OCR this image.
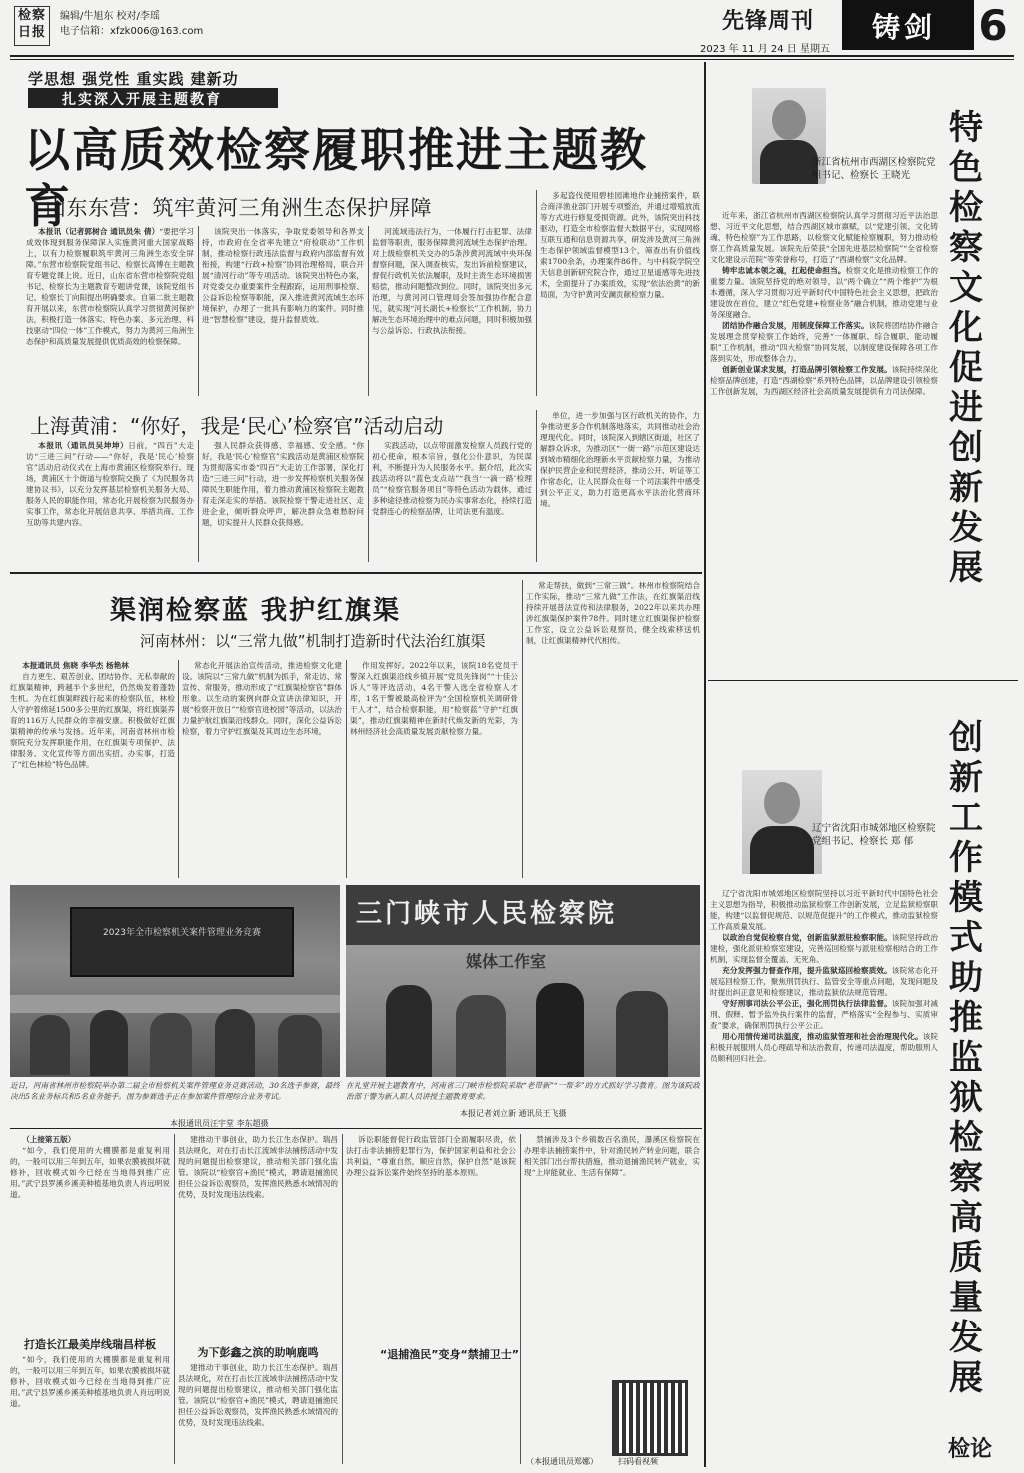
检察日报
编辑/牛旭东 校对/李瑶
电子信箱：xfzk006@163.com	先锋周刊 铸剑 6
2023 年 11 月 24 日 星期五
学思想 强党性 重实践 建新功
扎实深入开展主题教育
以高质效检察履职推进主题教育
山东东营：筑牢黄河三角洲生态保护屏障

本报讯（记者郭树合 通讯员朱 倩）“要把学习成效体现到服务保障深入实施黄河重大国家战略上，以有力检察履职筑牢黄河三角洲生态安全屏障。”东营市检察院党组书记、检察长高博在主题教育专题党课上说。近日，山东省东营市检察院党组书记、检察长为主题教育专题讲党课，该院党组书记、检察长丁向阳提出明确要求。自第二批主题教育开展以来，东营市检察院认真学习贯彻黄河保护法，积极打造一体落实、特色办案、多元治理、科技驱动“四位一体”工作模式，努力为黄河三角洲生态保护和高质量发展提供优质高效的检察保障。

该院突出一体落实，争取党委领导和各界支持，市政府在全省率先建立“府检联动”工作机制，推动检察行政违法监督与政府内部监督有效衔接，构建“行政+检察”协同治理格局，联合开展“清河行动”等专项活动。该院突出特色办案，对党委交办重要案件全程跟踪，运用刑事检察、公益诉讼检察等职能，深入推进黄河流域生态环境保护，办理了一批具有影响力的案件。同时推进“智慧检察”建设，提升监督质效。

河流域违法行为，一体履行打击犯罪、法律监督等职责，服务保障黄河流域生态保护治理。对上级检察机关交办的5条涉黄河流域中央环保督察问题，深入调查核实，发出诉前检察建议，督促行政机关依法履职，及时主责生态环境损害赔偿，推动问题整改到位。同时，该院突出多元治理，与黄河河口管理局会签加强协作配合意见，就实现“河长湖长+检察长”工作机制，协力解决生态环境治理中的难点问题，同时积极加强与公益诉讼、行政执法衔接。

多起盗伐使用碧桂园滩地作业捕捞案件，联合商洋渔业部门开展专项整治，并通过增殖放流等方式进行修复受损资源。此外，该院突出科技驱动，打造全市检察监督大数据平台，实现网格互联互通和信息资源共享，研发涉及黄河三角洲生态保护领域监督模型13个，筛查出有价值线索1700余条，办理案件86件。与中科院学院空天信息创新研究院合作，通过卫星遥感等先进技术，全面提升了办案质效，实现“依法治黄”的新局面，为守护黄河安澜贡献检察力量。

上海黄浦：“你好，我是‘民心’检察官”活动启动

本报讯（通讯员吴坤坤）日前，“四百”大走访“三进三问”行动——“你好，我是‘民心’检察官”活动启动仪式在上海市黄浦区检察院举行。现场，黄浦区十个街道与检察院交换了《为民服务共建协议书》，以充分发挥基层检察机关服务大局、服务人民的职能作用，常态化开展检察为民服务办实事工作，常态化开展信息共享、举措共商、工作互助等共建内容。

强人民群众获得感、幸福感、安全感。“你好，我是‘民心’检察官”实践活动是黄浦区检察院为贯彻落实市委“四百”大走访工作部署，深化打造“三进三问”行动，进一步发挥检察机关服务保障民生职能作用，着力推动黄浦区检察院主题教育走深走实的举措。该院检察干警走进社区、走进企业，倾听群众呼声，解决群众急难愁盼问题，切实提升人民群众获得感。

实践活动，以点带面激发检察人员践行党的初心使命，根本宗旨，强化公仆意识，为民谋利，不断提升为人民服务水平。据介绍，此次实践活动将以“蓝色支点站”“我当‘一滴一路’检理员”“检察官服务项目”等特色活动为载体，通过多种途径推动检察为民办实事常态化，持续打造党群连心的检察品牌，让司法更有温度。

单位，进一步加强与区行政机关的协作，力争推动更多合作机制落地落实，共同推动社会治理现代化。同时，该院深入到辖区街道，社区了解群众诉求，为推动区“一街一路”示范区建设达到城市精细化治理新水平贡献检察力量，为推动保护民营企业和民营经济，推动公开、听证等工作常态化，让人民群众在每一个司法案件中感受到公平正义，助力打造更高水平法治化营商环境。

渠润检察蓝 我护红旗渠
河南林州：以“三常九做”机制打造新时代法治红旗渠

本报通讯员 焦晓 李华杰 杨艳林

自力更生、艰苦创业、团结协作、无私奉献的红旗渠精神，跨越半个多世纪，仍然焕发着蓬勃生机。为在红旗渠畔践行起来的检察队伍，林检人守护着绵延1500多公里的红旗渠，将红旗渠养育的116万人民群众的幸福安康。积极做好红旗渠精神的传承与发扬。近年来，河南省林州市检察院充分发挥职能作用，在红旗渠专项保护、法律服务、文化宣传等方面出实招、办实事，打造了“红色林检”特色品牌。

常态化开展法治宣传活动，推进检察文化建设。该院以“三常九做”机制为抓手，常走访、常宣传、常服务，推动形成了“红旗渠检察官”群体形象。以生动的案例向群众宣讲法律知识，开展“检察开放日”“检察官进校园”等活动，以法治力量护航红旗渠沿线群众。同时，深化公益诉讼检察，着力守护红旗渠及其周边生态环境。

作用发挥好。2022年以来，该院18名党员干警深入红旗渠沿线乡镇开展“党员先锋岗”“十佳公诉人”等评选活动，4名干警入选全省检察人才库，1名干警被最高检评为“全国检察机关调研骨干人才”，结合检察职能，用“检察蓝”守护“红旗渠”，推动红旗渠精神在新时代焕发新的光彩，为林州经济社会高质量发展贡献检察力量。

常走帮扶，做到“三常三做”。林州市检察院结合工作实际，推动“三常九做”工作法，在红旗渠沿线持续开展普法宣传和法律服务，2022年以来共办理涉红旗渠保护案件78件。同时建立红旗渠保护检察工作室，设立公益诉讼观察员，健全线索移送机制，让红旗渠精神代代相传。

2023年全市检察机关案件管理业务竞赛
近日，河南省林州市检察院举办第二届全市检察机关案件管理业务竞赛活动，30名选手参赛，最终决出5名业务标兵和5名业务能手。图为参赛选手正在参加案件管理综合业务考试。
本报通讯员汪宇堂 李东超摄
三门峡市人民检察院
媒体工作室
在礼堂开展主题教育中，河南省三门峡市检察院采取“老带新”“一帮多”的方式抓好学习教育。图为该院政治部干警为新入职人员讲授主题教育要求。
本报记者刘立新 通讯员王飞摄

（上接第五版）

“如今，我们使用的大棚膜都是重复利用的，一般可以用三年到五年，如果农膜被损坏就修补，回收模式如今已经在当地得到推广应用。”武宁县罗溪乡溪美种植基地负责人肖远明说道。

打造长江最美岸线瑞昌样板

“如今，我们使用的大棚膜都是重复利用的，一般可以用三年到五年，如果农膜被损坏就修补，回收模式如今已经在当地得到推广应用。”武宁县罗溪乡溪美种植基地负责人肖远明说道。

建推动干事创业，助力长江生态保护。瑞昌县法规化，对在打击长江流域非法捕捞活动中发现的问题提出检察建议，推动相关部门强化监管。该院以“检察官+渔民”模式，聘请退捕渔民担任公益诉讼观察员，发挥渔民熟悉水域情况的优势，及时发现违法线索。

为下彭鑫之滨的助响鹿鸣

建推动干事创业，助力长江生态保护。瑞昌县法规化，对在打击长江流域非法捕捞活动中发现的问题提出检察建议，推动相关部门强化监管。该院以“检察官+渔民”模式，聘请退捕渔民担任公益诉讼观察员，发挥渔民熟悉水域情况的优势，及时发现违法线索。

诉讼职能督促行政监管部门全面履职尽责，依法打击非法捕捞犯罪行为，保护国家利益和社会公共利益，“尊重自然，顺应自然，保护自然”是该院办理公益诉讼案件始终坚持的基本原则。

禁捕涉及3个乡镇数百名渔民，瀑溪区检察院在办理非法捕捞案件中，针对渔民转产转业问题，联合相关部门出台帮扶措施，推动退捕渔民转产就业，实现“上岸能就业、生活有保障”。

“退捕渔民”变身“禁捕卫士”
扫码看视频
（本报通讯员郑娜）
特色检察文化促进创新发展
浙江省杭州市西湖区检察院党组书记、检察长 王晓光

近年来，浙江省杭州市西湖区检察院认真学习贯彻习近平法治思想、习近平文化思想，结合西湖区城市禀赋，以“党建引领、文化铸魂、特色检察”为工作思路，以检察文化赋能检察履职，努力推动检察工作高质量发展。该院先后荣获“全国先进基层检察院”“全省检察文化建设示范院”等荣誉称号，打造了“西湖检察”文化品牌。

铸牢忠诚本领之魂，扛起使命担当。检察文化是推动检察工作的重要力量。该院坚持党的绝对领导，以“两个确立”“两个维护”为根本遵循，深入学习贯彻习近平新时代中国特色社会主义思想，把政治建设放在首位，建立“红色党建+检察业务”融合机制，推动党建与业务深度融合。

团结协作融合发展，用制度保障工作落实。该院将团结协作融合发展理念贯穿检察工作始终，完善“一体履职、综合履职、能动履职”工作机制，推动“四大检察”协同发展，以制度建设保障各项工作落到实处，形成整体合力。

创新创业谋求发展，打造品牌引领检察工作发展。该院持续深化检察品牌创建，打造“西湖检察”系列特色品牌，以品牌建设引领检察工作创新发展，为西湖区经济社会高质量发展提供有力司法保障。

创新工作模式助推监狱检察高质量发展
辽宁省沈阳市城郊地区检察院党组书记、检察长 郑 郁

辽宁省沈阳市城郊地区检察院坚持以习近平新时代中国特色社会主义思想为指导，积极推动监狱检察工作创新发展，立足监狱检察职能，构建“以监督促规范、以规范促提升”的工作模式，推动监狱检察工作高质量发展。

以政治自觉促检察自觉，创新监狱派驻检察职能。该院坚持政治建检，强化派驻检察室建设，完善巡回检察与派驻检察相结合的工作机制，实现监督全覆盖、无死角。

充分发挥强力督查作用，提升监狱巡回检察质效。该院常态化开展巡回检察工作，聚焦刑罚执行、监管安全等重点问题，发现问题及时提出纠正意见和检察建议，推动监狱依法规范管理。

守好刑事司法公平公正，强化刑罚执行法律监督。该院加强对减刑、假释、暂予监外执行案件的监督，严格落实“全程参与、实质审查”要求，确保刑罚执行公平公正。

用心用情传递司法温度，推动监狱管理和社会治理现代化。该院积极开展服刑人员心理疏导和法治教育，传递司法温度，帮助服刑人员顺利回归社会。

检论
